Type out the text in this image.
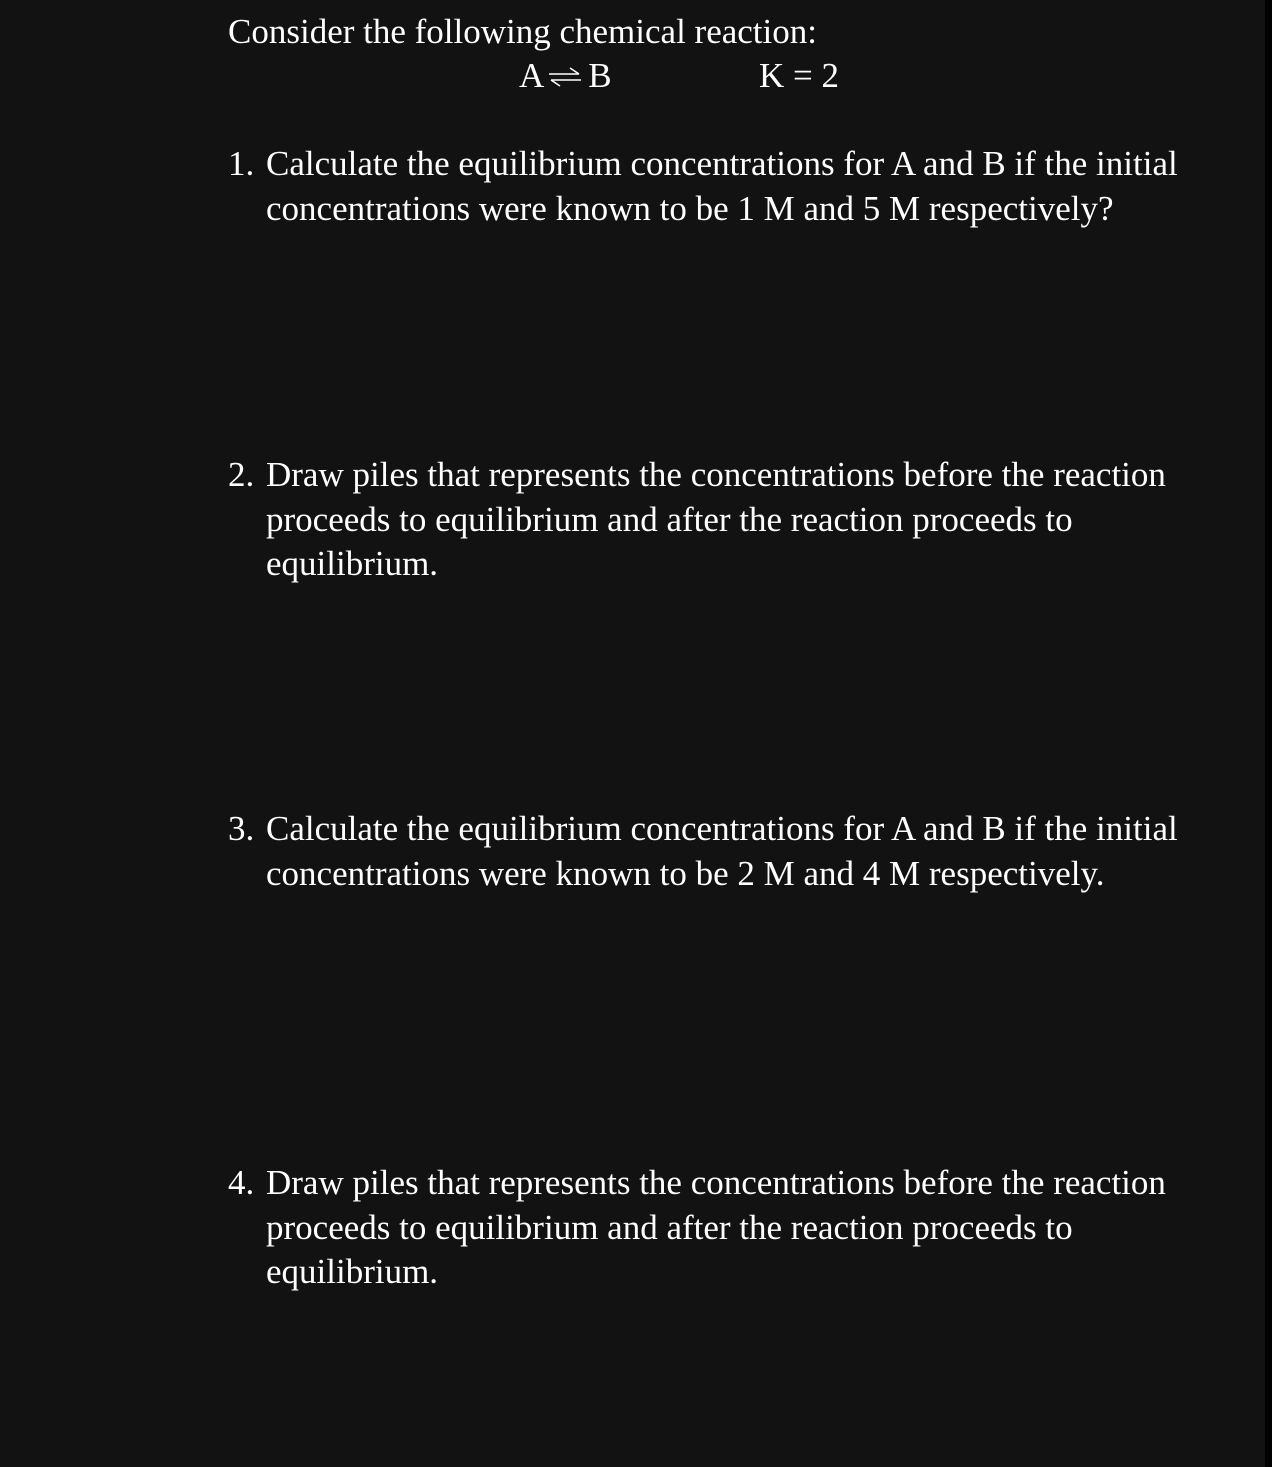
Consider the following chemical reaction:
A ⇌ B	K = 2
1. Calculate the equilibrium concentrations for A and B if the initial concentrations were known to be 1 M and 5 M respectively?
2. Draw piles that represents the concentrations before the reaction proceeds to equilibrium and after the reaction proceeds to equilibrium.
3. Calculate the equilibrium concentrations for A and B if the initial concentrations were known to be 2 M and 4 M respectively.
4. Draw piles that represents the concentrations before the reaction proceeds to equilibrium and after the reaction proceeds to equilibrium.
